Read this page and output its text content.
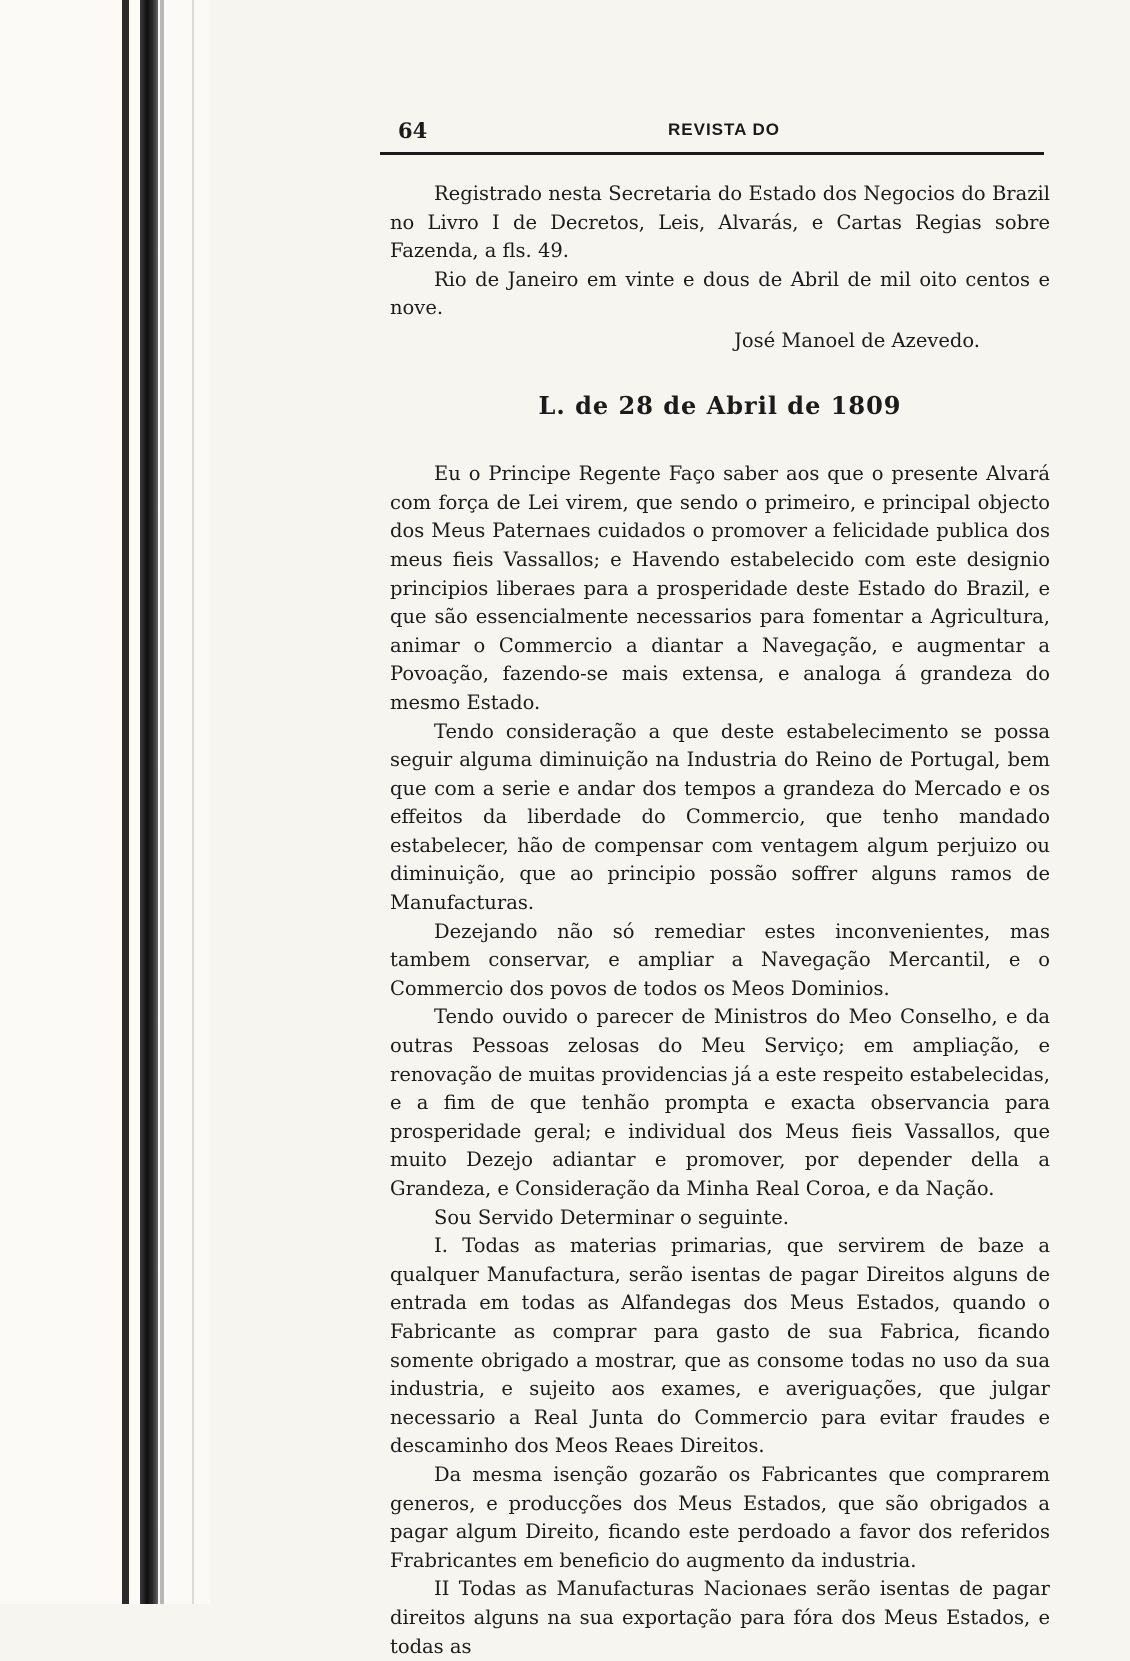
64	REVISTA DO

Registrado nesta Secretaria do Estado dos Negocios do Brazil no Livro I de Decretos, Leis, Alvarás, e Cartas Regias sobre Fazenda, a fls. 49.

Rio de Janeiro em vinte e dous de Abril de mil oito centos e nove.

José Manoel de Azevedo.

L. de 28 de Abril de 1809

Eu o Principe Regente Faço saber aos que o presente Alvará com força de Lei virem, que sendo o primeiro, e principal objecto dos Meus Paternaes cuidados o promover a felicidade publica dos meus fieis Vassallos; e Havendo estabelecido com este designio principios liberaes para a prosperidade deste Estado do Brazil, e que são essencialmente necessarios para fomentar a Agricultura, animar o Commercio a diantar a Navegação, e augmentar a Povoação, fazendo-se mais extensa, e analoga á grandeza do mesmo Estado.

Tendo consideração a que deste estabelecimento se possa seguir alguma diminuição na Industria do Reino de Portugal, bem que com a serie e andar dos tempos a grandeza do Mercado e os effeitos da liberdade do Commercio, que tenho mandado estabelecer, hão de compensar com ventagem algum perjuizo ou diminuição, que ao principio possão soffrer alguns ramos de Manufacturas.

Dezejando não só remediar estes inconvenientes, mas tambem conservar, e ampliar a Navegação Mercantil, e o Commercio dos povos de todos os Meos Dominios.

Tendo ouvido o parecer de Ministros do Meo Conselho, e da outras Pessoas zelosas do Meu Serviço; em ampliação, e renovação de muitas providencias já a este respeito estabelecidas, e a fim de que tenhão prompta e exacta observancia para prosperidade geral; e individual dos Meus fieis Vassallos, que muito Dezejo adiantar e promover, por depender della a Grandeza, e Consideração da Minha Real Coroa, e da Nação.

Sou Servido Determinar o seguinte.

I. Todas as materias primarias, que servirem de baze a qualquer Manufactura, serão isentas de pagar Direitos alguns de entrada em todas as Alfandegas dos Meus Estados, quando o Fabricante as comprar para gasto de sua Fabrica, ficando somente obrigado a mostrar, que as consome todas no uso da sua industria, e sujeito aos exames, e averiguações, que julgar necessario a Real Junta do Commercio para evitar fraudes e descaminho dos Meos Reaes Direitos.

Da mesma isenção gozarão os Fabricantes que comprarem generos, e producções dos Meus Estados, que são obrigados a pagar algum Direito, ficando este perdoado a favor dos referidos Frabricantes em beneficio do augmento da industria.

II Todas as Manufacturas Nacionaes serão isentas de pagar direitos alguns na sua exportação para fóra dos Meus Estados, e todas as
